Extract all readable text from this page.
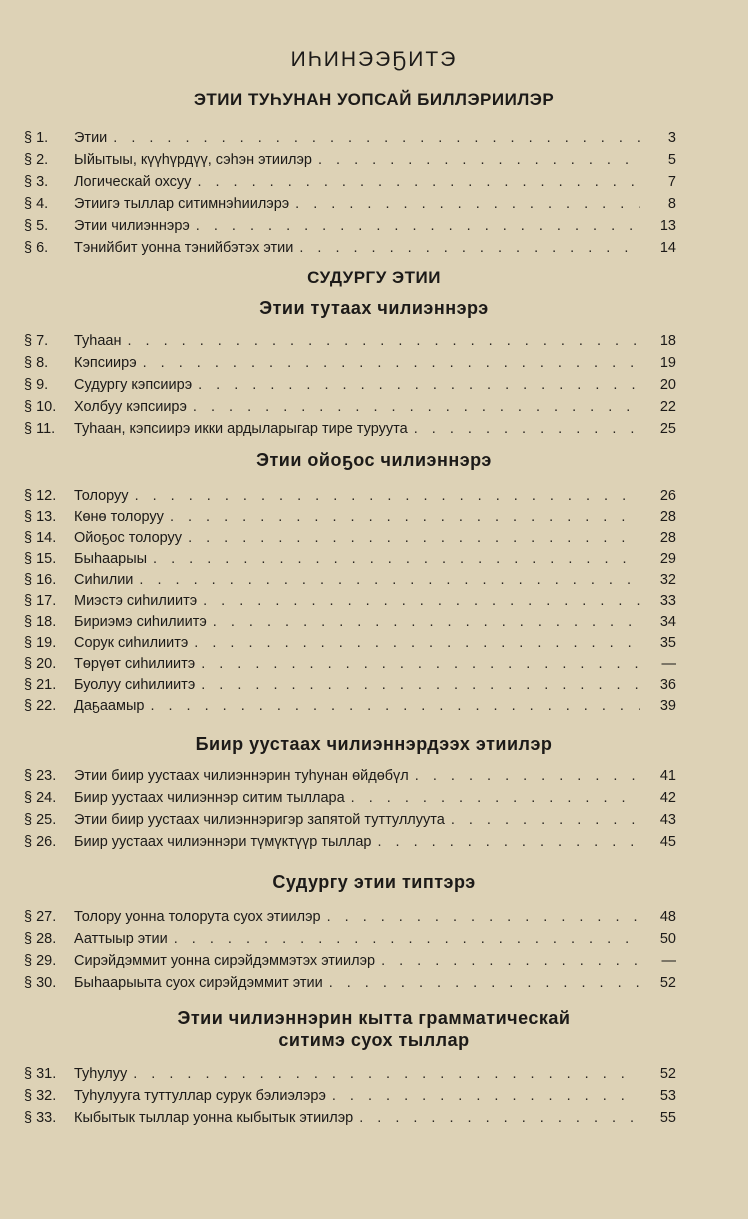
ИҺИНЭЭҔИТЭ
ЭТИИ ТУҺУНАН УОПСАЙ БИЛЛЭРИИЛЭР
§ 1.	Этии . . .	3
§ 2.	Ыйытыы, күүһүрдүү, сэһэн этиилэр . . .	5
§ 3.	Логическай охсуу . . .	7
§ 4.	Этиигэ тыллар ситимнэһиилэрэ . . .	8
§ 5.	Этии чилиэннэрэ . . .	13
§ 6.	Тэнийбит уонна тэнийбэтэх этии . . .	14
СУДУРГУ ЭТИИ
Этии тутаах чилиэннэрэ
§ 7.	Туһаан . . .	18
§ 8.	Кэпсиирэ . . .	19
§ 9.	Судургу кэпсиирэ . . .	20
§ 10.	Холбуу кэпсиирэ . . .	22
§ 11.	Туһаан, кэпсиирэ икки ардыларыгар тире туруута . . .	25
Этии ойоҕос чилиэннэрэ
§ 12.	Толоруу . . .	26
§ 13.	Көнө толоруу . . .	28
§ 14.	Ойоҕос толоруу . . .	28
§ 15.	Быһаарыы . . .	29
§ 16.	Сиһилии . . .	32
§ 17.	Миэстэ сиһилиитэ . . .	33
§ 18.	Бириэмэ сиһилиитэ . . .	34
§ 19.	Сорук сиһилиитэ . . .	35
§ 20.	Төрүөт сиһилиитэ . . .	—
§ 21.	Буолуу сиһилиитэ . . .	36
§ 22.	Даҕаамыр . . .	39
Биир уустаах чилиэннэрдээх этиилэр
§ 23.	Этии биир уустаах чилиэннэрин туһунан өйдөбүл . . .	41
§ 24.	Биир уустаах чилиэннэр ситим тыллара . . .	42
§ 25.	Этии биир уустаах чилиэннэригэр запятой туттуллуута . . .	43
§ 26.	Биир уустаах чилиэннэри түмүктүүр тыллар . . .	45
Судургу этии типтэрэ
§ 27.	Толору уонна толорута суох этиилэр . . .	48
§ 28.	Ааттыыр этии . . .	50
§ 29.	Сирэйдэммит уонна сирэйдэммэтэх этиилэр . . .	—
§ 30.	Быһаарыыта суох сирэйдэммит этии . . .	52
Этии чилиэннэрин кытта грамматическай
ситимэ суох тыллар
§ 31.	Туһулуу . . .	52
§ 32.	Туһулууга туттуллар сурук бэлиэлэрэ . . .	53
§ 33.	Кыбытык тыллар уонна кыбытык этиилэр . . .	55
